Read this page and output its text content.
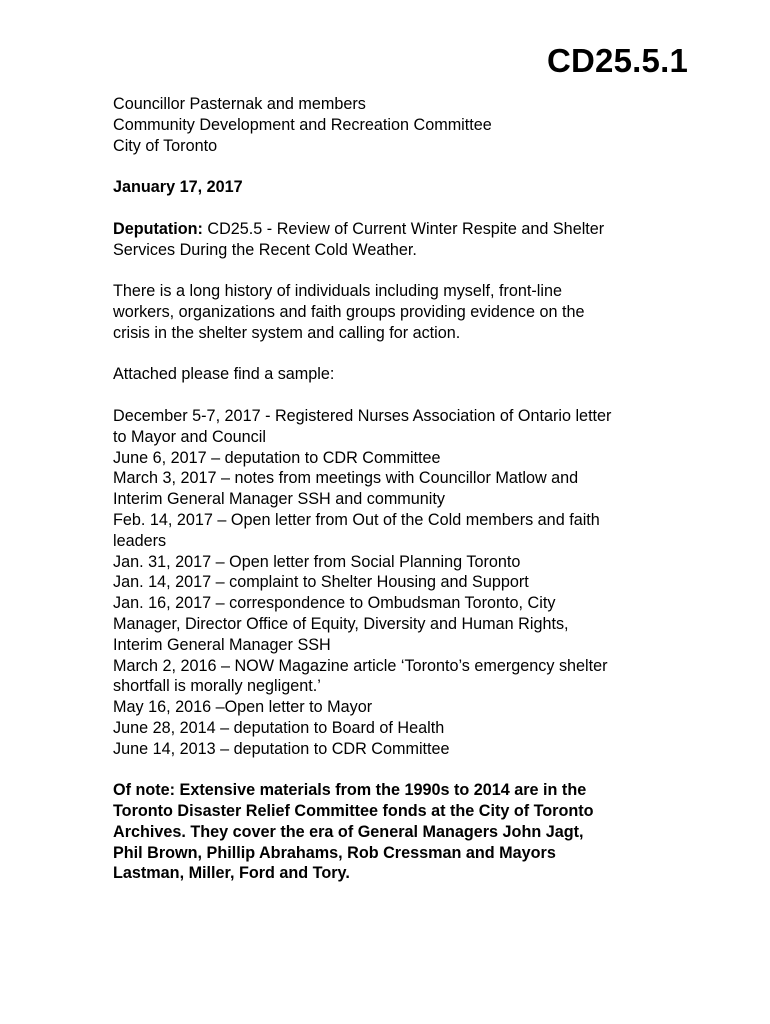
CD25.5.1
Councillor Pasternak and members
Community Development and Recreation Committee
City of Toronto
January 17, 2017
Deputation: CD25.5 - Review of Current Winter Respite and Shelter
Services During the Recent Cold Weather.
There is a long history of individuals including myself, front-line
workers, organizations and faith groups providing evidence on the
crisis in the shelter system and calling for action.
Attached please find a sample:
December 5-7, 2017 - Registered Nurses Association of Ontario letter
to Mayor and Council
June 6, 2017 – deputation to CDR Committee
March 3, 2017 – notes from meetings with Councillor Matlow and
Interim General Manager SSH and community
Feb. 14, 2017 – Open letter from Out of the Cold members and faith
leaders
Jan. 31, 2017 – Open letter from Social Planning Toronto
Jan. 14, 2017 – complaint to Shelter Housing and Support
Jan. 16, 2017 – correspondence to Ombudsman Toronto, City
Manager, Director Office of Equity, Diversity and Human Rights,
Interim General Manager SSH
March 2, 2016 – NOW Magazine article ‘Toronto’s emergency shelter
shortfall is morally negligent.’
May 16, 2016 –Open letter to Mayor
June 28, 2014 – deputation to Board of Health
June 14, 2013 – deputation to CDR Committee
Of note: Extensive materials from the 1990s to 2014 are in the
Toronto Disaster Relief Committee fonds at the City of Toronto
Archives. They cover the era of General Managers John Jagt,
Phil Brown, Phillip Abrahams, Rob Cressman and Mayors
Lastman, Miller, Ford and Tory.
